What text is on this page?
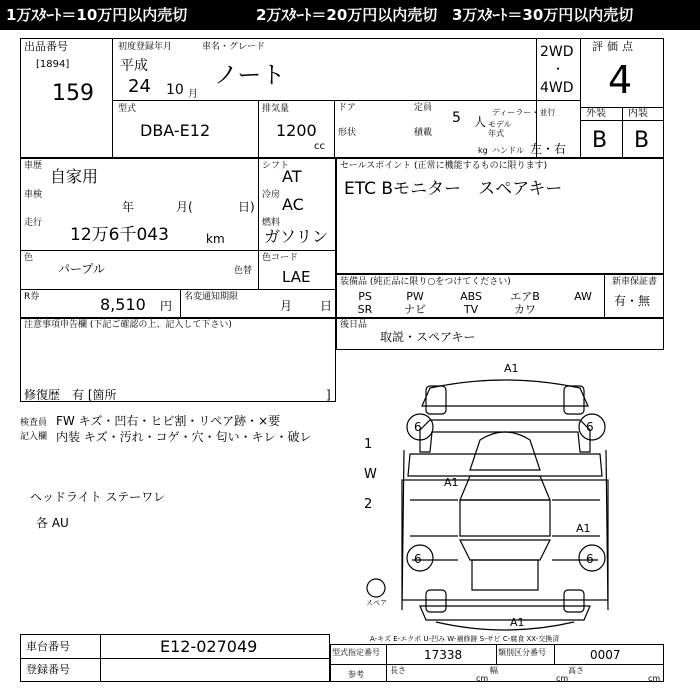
1万ｽﾀｰﾄ＝10万円以内売切	2万ｽﾀｰﾄ＝20万円以内売切 3万ｽﾀｰﾄ＝30万円以内売切
出品番号
[1894]
159
初度登録年月	車名・グレード
平成
24 10 月
ノート
型式
DBA-E12
排気量
1200
cc
2WD
・
4WD
ドア	定員
5 人
ディーラー・並行
形状	積載
モデル年式
kg ハンドル 左・右
評価点
4
外装 内装
B B
車歴
自家用
車検
年	月(	日)
走行
12万6千043	km
シフト
AT
冷房 AC
燃料
ガソリン
色
パープル	色替
色コード
LAE
R券	8,510 円
名変通知期限
月 日
セールスポイント (正常に機能するものに限ります)
ETC Bモニター　スペアキー
装備品 (純正品に限り○をつけてください)	新車保証書
有・無
PS	PW	ABS	エアB	AW
SR	ナビ	TV	カワ
後日品
取説・スペアキー
注意事項申告欄 (下記ご確認の上、記入して下さい)
修復歴 有 [箇所	]
検査員
記入欄
FW キズ・凹右・ヒビ割・リペア跡・×要
内装 キズ・汚れ・コゲ・穴・匂い・キレ・破レ
ヘッドライト ステーワレ
各 AU
6	6
6	6
A1
A1
A1
A1
スペア
1W2
A-キズ E-エクボ U-凹み W-補修跡 S-サビ C-腐食 XX-交換済
車台番号	E12-027049
登録番号
型式指定番号	17338	類別区分番号	0007
参考	長さ
cm
幅
cm
高さ
cm
